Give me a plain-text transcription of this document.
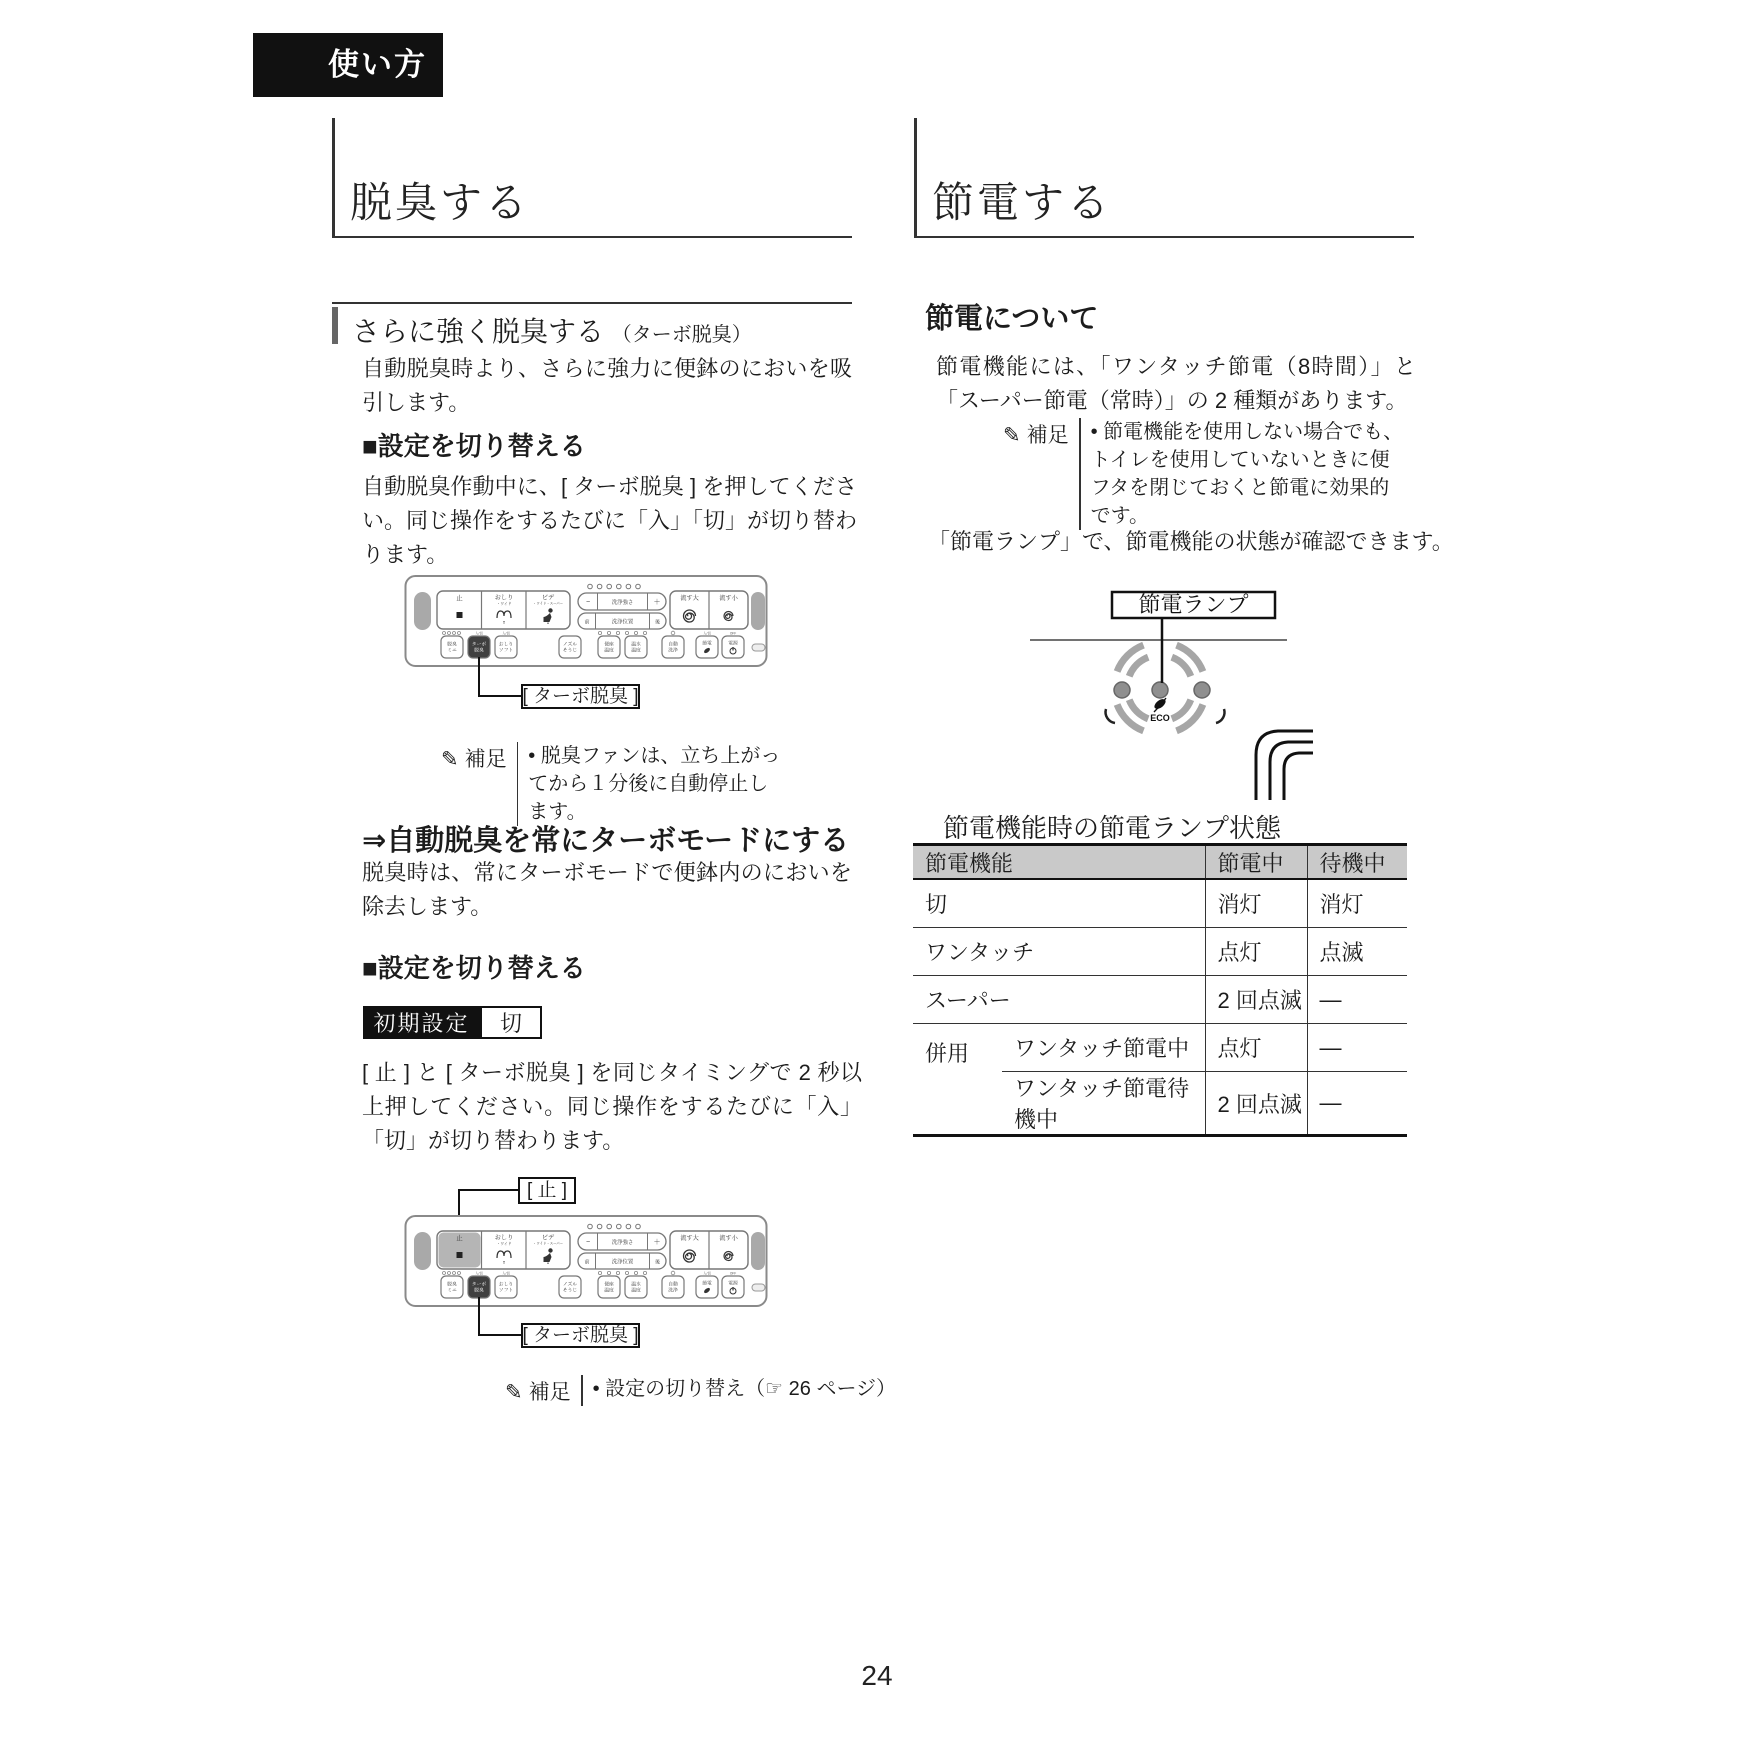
使い方
脱臭する	節電する
さらに強く脱臭する （ターボ脱臭）
自動脱臭時より、さらに強力に便鉢のにおいを吸引します。
■設定を切り替える
自動脱臭作動中に、[ ターボ脱臭 ] を押してください。同じ操作をするたびに「入」「切」が切り替わります。
止	おしり
・ワイド
ビデ
・ワイド・スーパー	−	洗浄強さ	＋
前	洗浄位置	後
流す大	流す小
入/切	入/切	入/切	OFF
脱臭
ミニ
ターボ
脱臭
おしり
ソフト
ノズル
そうじ
便座
温度
温水
温度
自動
洗浄
節電	電源
[ ターボ脱臭 ]
✎ 補足 • 脱臭ファンは、立ち上がってから１分後に自動停止します。
⇒自動脱臭を常にターボモードにする
脱臭時は、常にターボモードで便鉢内のにおいを除去します。
■設定を切り替える
初期設定	切
[ 止 ] と [ ターボ脱臭 ] を同じタイミングで 2 秒以上押してください。同じ操作をするたびに「入」「切」が切り替わります。
[ 止 ]
止	おしり
・ワイド
ビデ
・ワイド・スーパー	−	洗浄強さ	＋
前	洗浄位置	後
流す大	流す小
入/切	入/切	入/切	OFF
脱臭
ミニ
ターボ
脱臭
おしり
ソフト
ノズル
そうじ
便座
温度
温水
温度
自動
洗浄
節電	電源
[ ターボ脱臭 ]
✎ 補足 • 設定の切り替え（☞ 26 ページ）
節電について
節電機能には、「ワンタッチ節電（8時間）」と「スーパー節電（常時）」の 2 種類があります。
✎ 補足 • 節電機能を使用しない場合でも、トイレを使用していないときに便フタを閉じておくと節電に効果的です。
「節電ランプ」で、節電機能の状態が確認できます。
ECO
節電ランプ
節電機能時の節電ランプ状態
節電機能		節電中	待機中
切		消灯	消灯
ワンタッチ		点灯	点滅
スーパー		2 回点滅	―
併用	ワンタッチ節電中	点灯	―
	ワンタッチ節電待機中	2 回点滅	―
24
